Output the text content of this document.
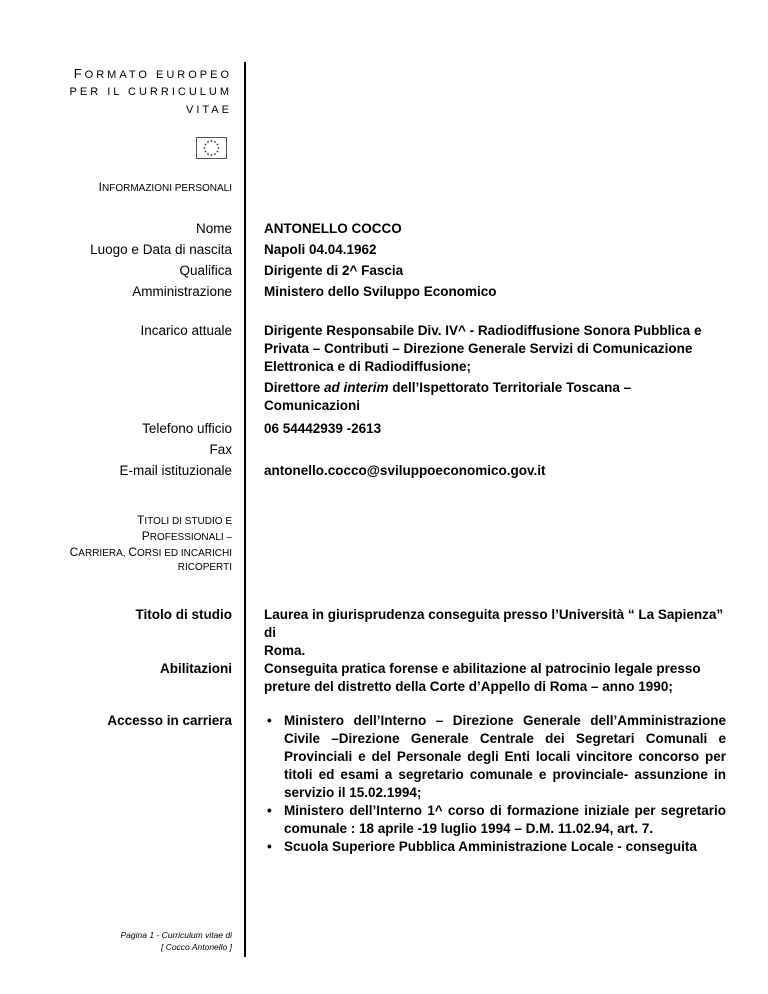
FORMATO EUROPEO
PER IL CURRICULUM
VITAE
INFORMAZIONI PERSONALI
Nome ANTONELLO COCCO
Luogo e Data di nascita Napoli 04.04.1962
Qualifica Dirigente di 2^ Fascia
Amministrazione Ministero dello Sviluppo Economico
Incarico attuale Dirigente Responsabile Div. IV^ - Radiodiffusione Sonora Pubblica e
Privata – Contributi – Direzione Generale Servizi di Comunicazione
Elettronica e di Radiodiffusione;
Direttore ad interim dell’Ispettorato Territoriale Toscana – Comunicazioni
Telefono ufficio 06 54442939 -2613
Fax
E-mail istituzionale antonello.cocco@sviluppoeconomico.gov.it
TITOLI DI STUDIO E
PROFESSIONALI –
CARRIERA, CORSI ED INCARICHI
RICOPERTI
Titolo di studio Laurea in giurisprudenza conseguita presso l’Università “ La Sapienza” di
Roma.
Abilitazioni Conseguita pratica forense e abilitazione al patrocinio legale presso
preture del distretto della Corte d’Appello di Roma – anno 1990;
Accesso in carriera	• Ministero dell’Interno – Direzione Generale dell’Amministrazione Civile –Direzione Generale Centrale dei Segretari Comunali e Provinciali e del Personale degli Enti locali vincitore concorso per titoli ed esami a segretario comunale e provinciale- assunzione in servizio il 15.02.1994;
• Ministero dell’Interno 1^ corso di formazione iniziale per segretario comunale : 18 aprile -19 luglio 1994 – D.M. 11.02.94, art. 7.
• Scuola Superiore Pubblica Amministrazione Locale - conseguita
Pagina 1 - Curriculum vitae di
[ Cocco Antonello ]
